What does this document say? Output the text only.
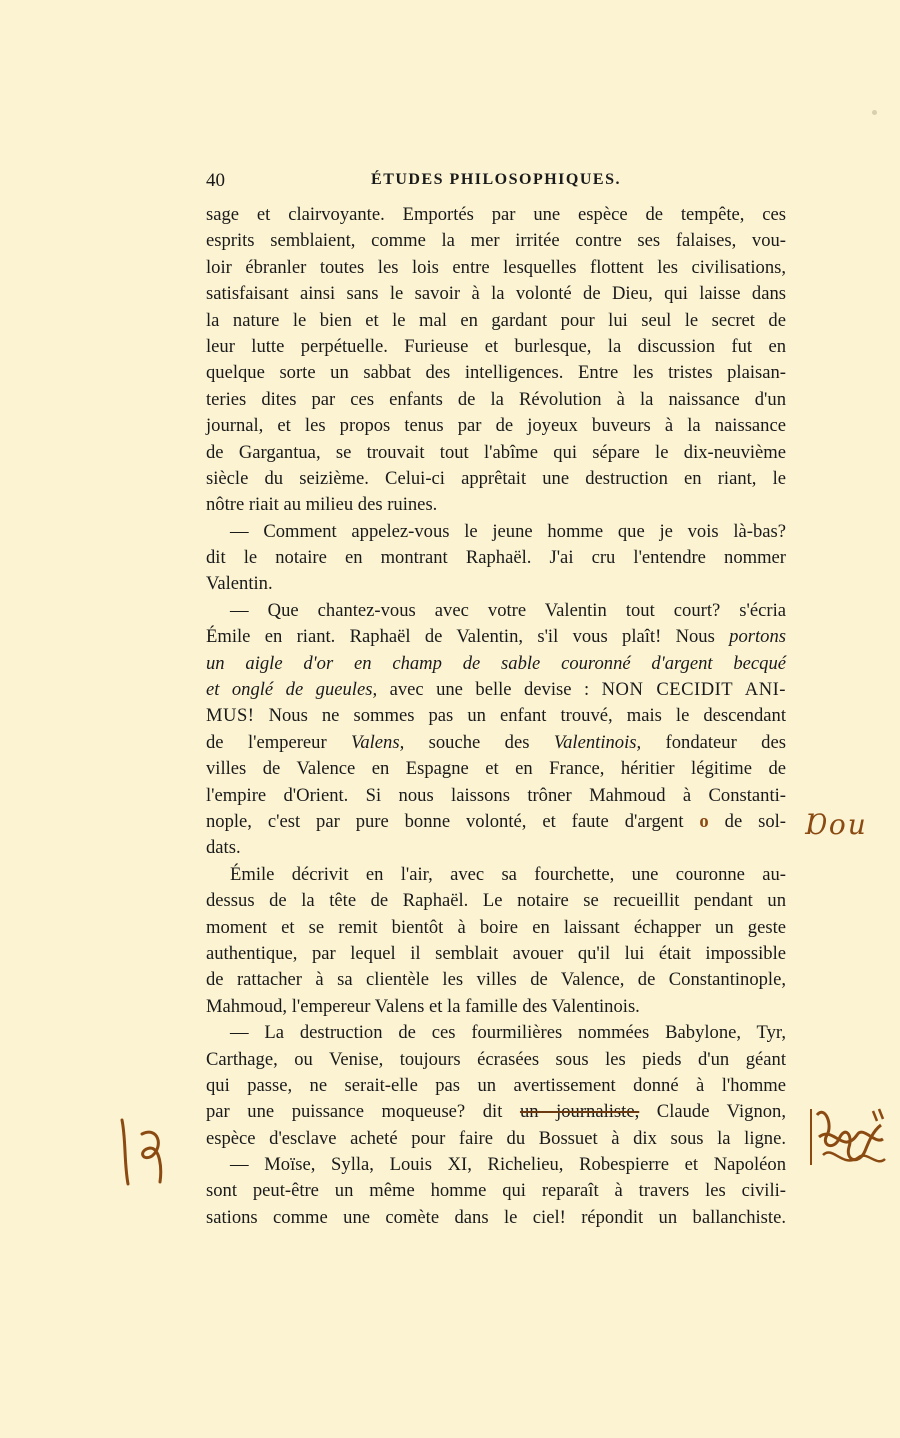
40	ÉTUDES PHILOSOPHIQUES.
sage et clairvoyante. Emportés par une espèce de tempête, ces
esprits semblaient, comme la mer irritée contre ses falaises, vou-
loir ébranler toutes les lois entre lesquelles flottent les civilisations,
satisfaisant ainsi sans le savoir à la volonté de Dieu, qui laisse dans
la nature le bien et le mal en gardant pour lui seul le secret de
leur lutte perpétuelle. Furieuse et burlesque, la discussion fut en
quelque sorte un sabbat des intelligences. Entre les tristes plaisan-
teries dites par ces enfants de la Révolution à la naissance d'un
journal, et les propos tenus par de joyeux buveurs à la naissance
de Gargantua, se trouvait tout l'abîme qui sépare le dix-neuvième
siècle du seizième. Celui-ci apprêtait une destruction en riant, le
nôtre riait au milieu des ruines.
— Comment appelez-vous le jeune homme que je vois là-bas?
dit le notaire en montrant Raphaël. J'ai cru l'entendre nommer
Valentin.
— Que chantez-vous avec votre Valentin tout court? s'écria
Émile en riant. Raphaël de Valentin, s'il vous plaît! Nous portons
un aigle d'or en champ de sable couronné d'argent becqué
et onglé de gueules, avec une belle devise : NON CECIDIT ANI-
MUS! Nous ne sommes pas un enfant trouvé, mais le descendant
de l'empereur Valens, souche des Valentinois, fondateur des
villes de Valence en Espagne et en France, héritier légitime de
l'empire d'Orient. Si nous laissons trôner Mahmoud à Constanti-
nople, c'est par pure bonne volonté, et faute d'argent o de sol-
dats.
Émile décrivit en l'air, avec sa fourchette, une couronne au-
dessus de la tête de Raphaël. Le notaire se recueillit pendant un
moment et se remit bientôt à boire en laissant échapper un geste
authentique, par lequel il semblait avouer qu'il lui était impossible
de rattacher à sa clientèle les villes de Valence, de Constantinople,
Mahmoud, l'empereur Valens et la famille des Valentinois.
— La destruction de ces fourmilières nommées Babylone, Tyr,
Carthage, ou Venise, toujours écrasées sous les pieds d'un géant
qui passe, ne serait-elle pas un avertissement donné à l'homme
par une puissance moqueuse? dit un journaliste, Claude Vignon,
espèce d'esclave acheté pour faire du Bossuet à dix sous la ligne.
— Moïse, Sylla, Louis XI, Richelieu, Robespierre et Napoléon
sont peut-être un même homme qui reparaît à travers les civili-
sations comme une comète dans le ciel! répondit un ballanchiste.
Ɒou
